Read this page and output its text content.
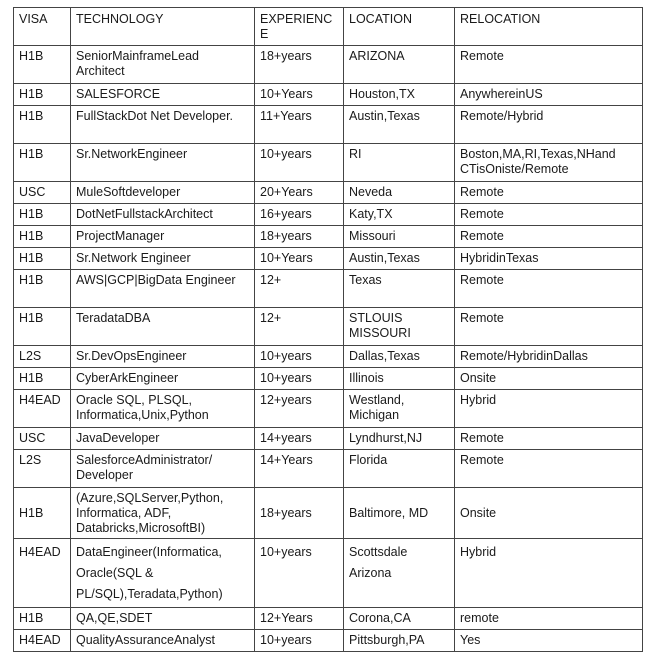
VISA	TECHNOLOGY	EXPERIENCE	LOCATION	RELOCATION
H1B	SeniorMainframeLead Architect	18+years	ARIZONA	Remote
H1B	SALESFORCE	10+Years	Houston,TX	AnywhereinUS
H1B	FullStackDot Net Developer.	11+Years	Austin,Texas	Remote/Hybrid
H1B	Sr.NetworkEngineer	10+years	RI	Boston,MA,RI,Texas,NHand CTisOniste/Remote
USC	MuleSoftdeveloper	20+Years	Neveda	Remote
H1B	DotNetFullstackArchitect	16+years	Katy,TX	Remote
H1B	ProjectManager	18+years	Missouri	Remote
H1B	Sr.Network Engineer	10+Years	Austin,Texas	HybridinTexas
H1B	AWS|GCP|BigData Engineer	12+	Texas	Remote
H1B	TeradataDBA	12+	STLOUIS MISSOURI	Remote
L2S	Sr.DevOpsEngineer	10+years	Dallas,Texas	Remote/HybridinDallas
H1B	CyberArkEngineer	10+years	Illinois	Onsite
H4EAD	Oracle SQL, PLSQL, Informatica,Unix,Python	12+years	Westland, Michigan	Hybrid
USC	JavaDeveloper	14+years	Lyndhurst,NJ	Remote
L2S	SalesforceAdministrator/ Developer	14+Years	Florida	Remote
H1B	(Azure,SQLServer,Python, Informatica, ADF, Databricks,MicrosoftBI)	18+years	Baltimore, MD	Onsite
H4EAD	DataEngineer(Informatica, Oracle(SQL & PL/SQL),Teradata,Python)	10+years	Scottsdale Arizona	Hybrid
H1B	QA,QE,SDET	12+Years	Corona,CA	remote
H4EAD	QualityAssuranceAnalyst	10+years	Pittsburgh,PA	Yes
